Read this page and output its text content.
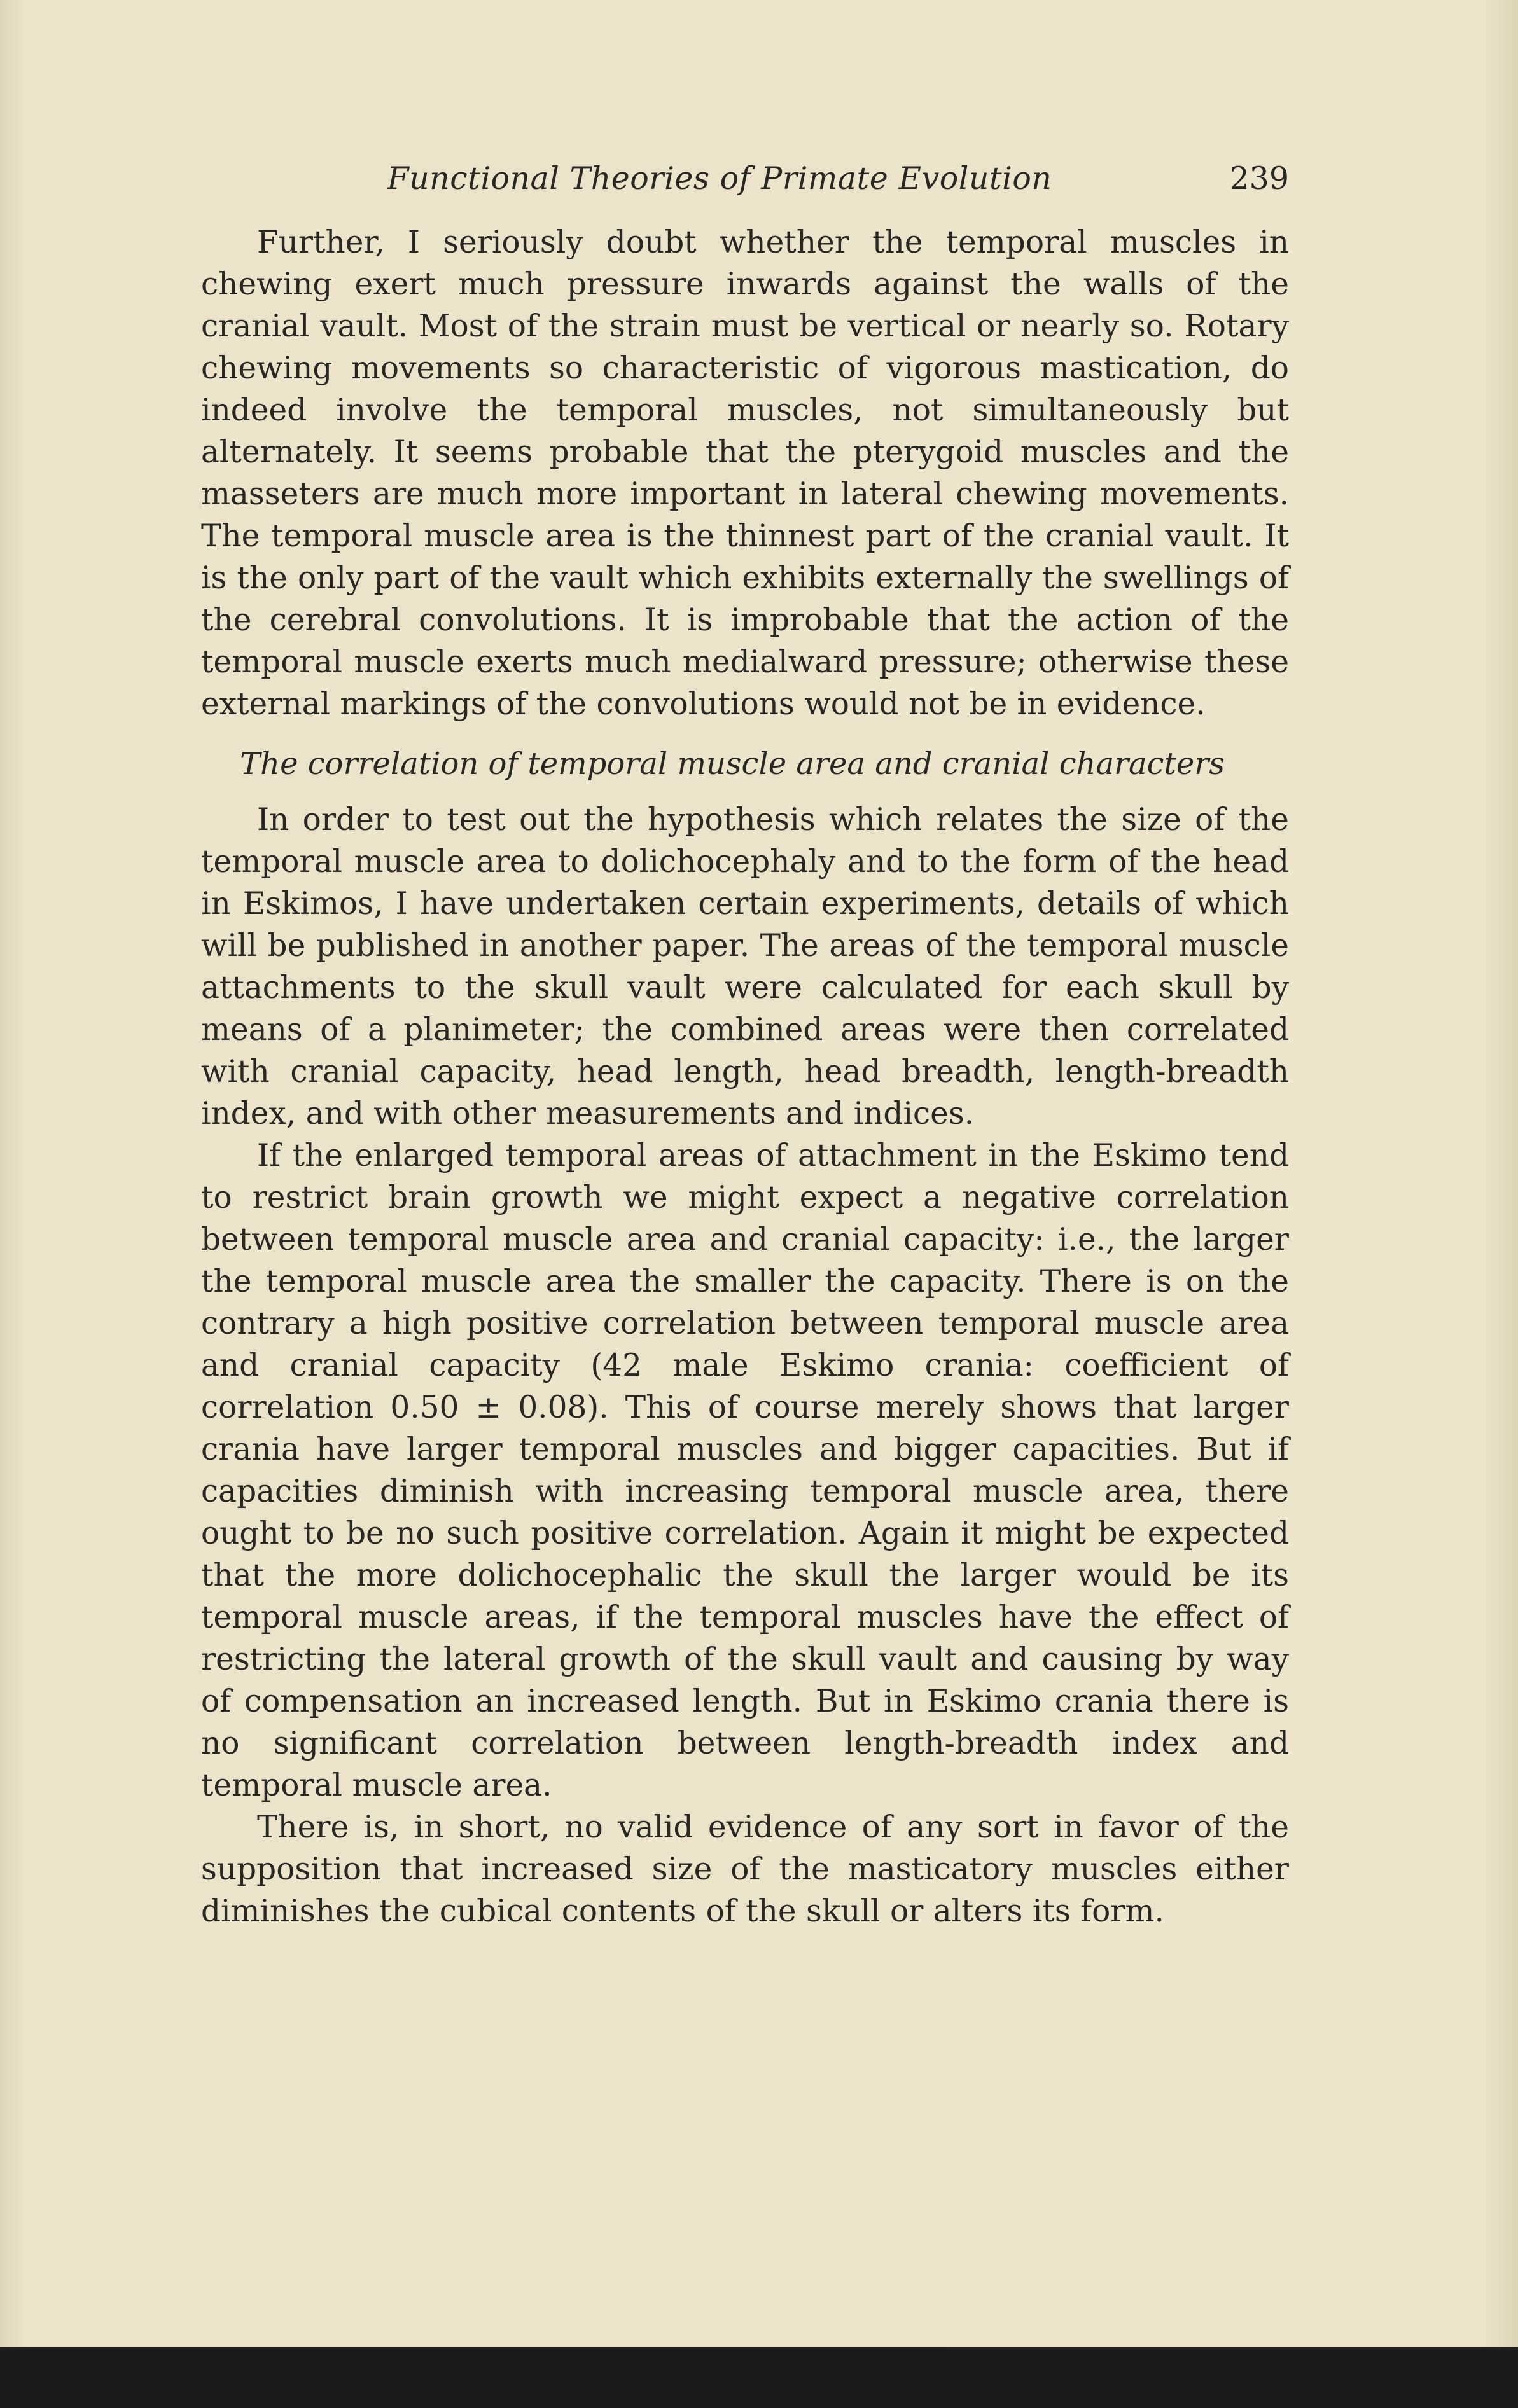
Functional Theories of Primate Evolution	239

Further, I seriously doubt whether the temporal muscles in chewing exert much pressure inwards against the walls of the cranial vault. Most of the strain must be vertical or nearly so. Rotary chewing movements so characteristic of vigorous mastication, do indeed involve the temporal muscles, not simultaneously but alternately. It seems probable that the pterygoid muscles and the masseters are much more important in lateral chewing movements. The temporal muscle area is the thinnest part of the cranial vault. It is the only part of the vault which exhibits externally the swellings of the cerebral convolutions. It is improbable that the action of the temporal muscle exerts much medialward pressure; otherwise these external markings of the convolutions would not be in evidence.

The correlation of temporal muscle area and cranial characters

In order to test out the hypothesis which relates the size of the temporal muscle area to dolichocephaly and to the form of the head in Eskimos, I have undertaken certain experiments, details of which will be published in another paper. The areas of the temporal muscle attachments to the skull vault were calculated for each skull by means of a planimeter; the combined areas were then correlated with cranial capacity, head length, head breadth, length-breadth index, and with other measurements and indices.

If the enlarged temporal areas of attachment in the Eskimo tend to restrict brain growth we might expect a negative correlation between temporal muscle area and cranial capacity: i.e., the larger the temporal muscle area the smaller the capacity. There is on the contrary a high positive correlation between temporal muscle area and cranial capacity (42 male Eskimo crania: coefficient of correlation 0.50 ± 0.08). This of course merely shows that larger crania have larger temporal muscles and bigger capacities. But if capacities diminish with increasing temporal muscle area, there ought to be no such positive correlation. Again it might be expected that the more dolichocephalic the skull the larger would be its temporal muscle areas, if the temporal muscles have the effect of restricting the lateral growth of the skull vault and causing by way of compensation an increased length. But in Eskimo crania there is no significant correlation between length-breadth index and temporal muscle area.

There is, in short, no valid evidence of any sort in favor of the supposition that increased size of the masticatory muscles either diminishes the cubical contents of the skull or alters its form.
